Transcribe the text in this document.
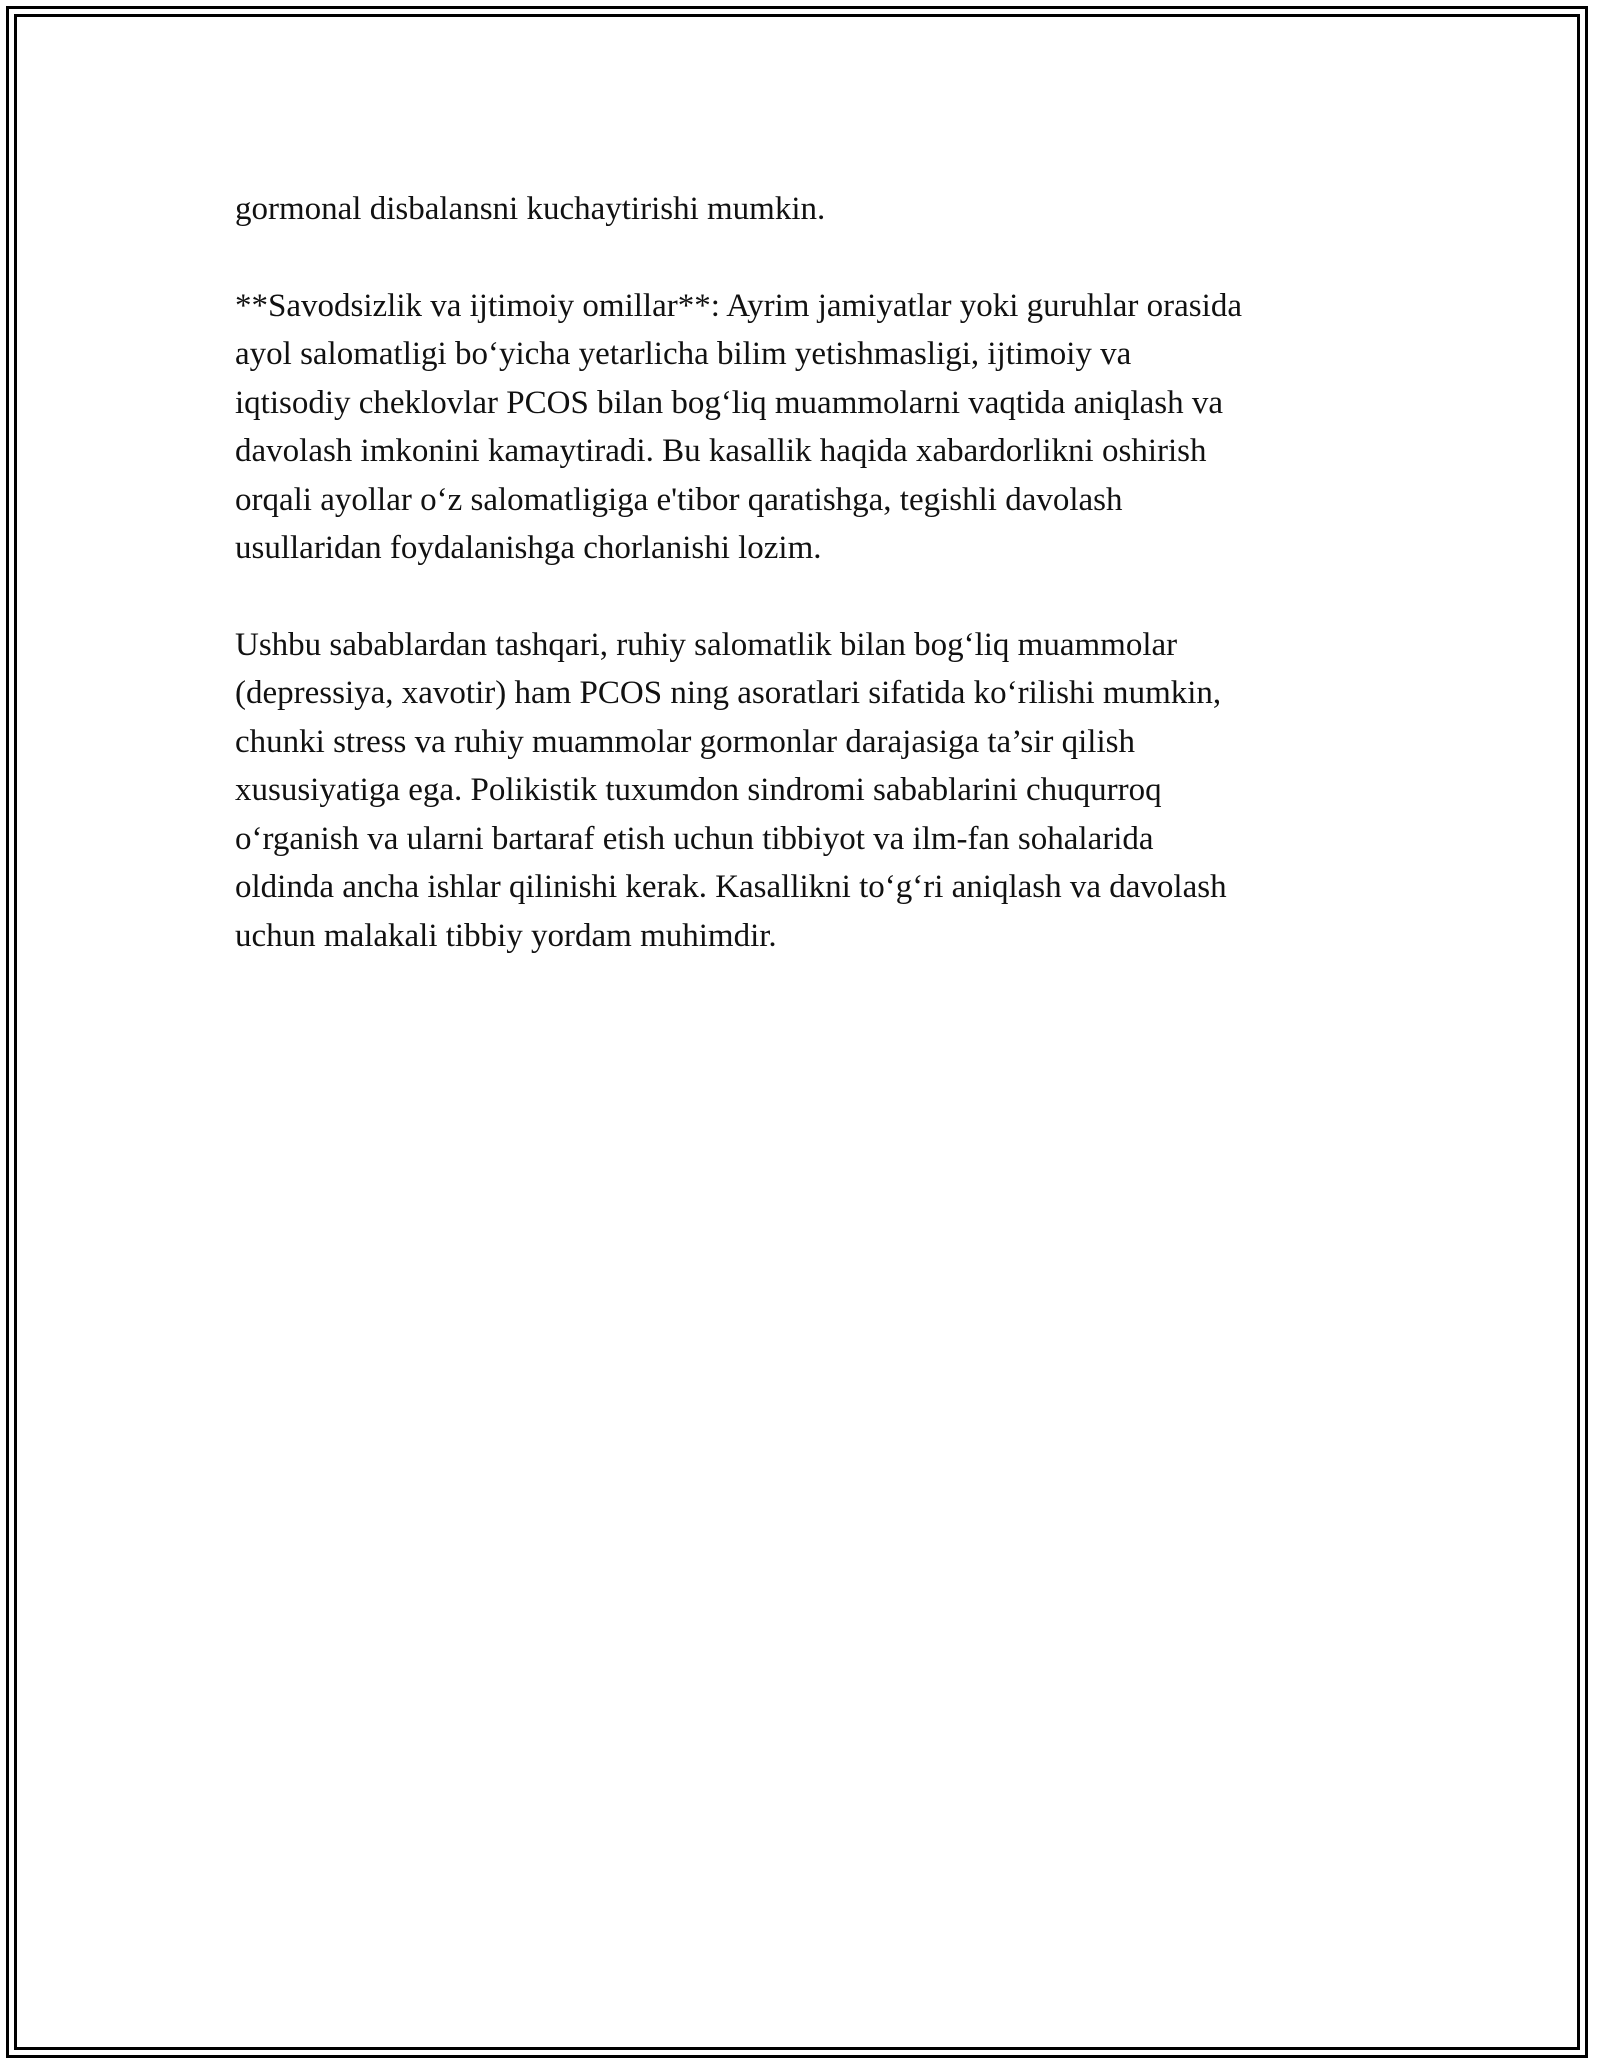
gormonal disbalansni kuchaytirishi mumkin.

**Savodsizlik va ijtimoiy omillar**: Ayrim jamiyatlar yoki guruhlar orasida
ayol salomatligi bo‘yicha yetarlicha bilim yetishmasligi, ijtimoiy va
iqtisodiy cheklovlar PCOS bilan bog‘liq muammolarni vaqtida aniqlash va
davolash imkonini kamaytiradi. Bu kasallik haqida xabardorlikni oshirish
orqali ayollar o‘z salomatligiga e'tibor qaratishga, tegishli davolash
usullaridan foydalanishga chorlanishi lozim.

Ushbu sabablardan tashqari, ruhiy salomatlik bilan bog‘liq muammolar
(depressiya, xavotir) ham PCOS ning asoratlari sifatida ko‘rilishi mumkin,
chunki stress va ruhiy muammolar gormonlar darajasiga ta’sir qilish
xususiyatiga ega. Polikistik tuxumdon sindromi sabablarini chuqurroq
o‘rganish va ularni bartaraf etish uchun tibbiyot va ilm-fan sohalarida
oldinda ancha ishlar qilinishi kerak. Kasallikni to‘g‘ri aniqlash va davolash
uchun malakali tibbiy yordam muhimdir.
